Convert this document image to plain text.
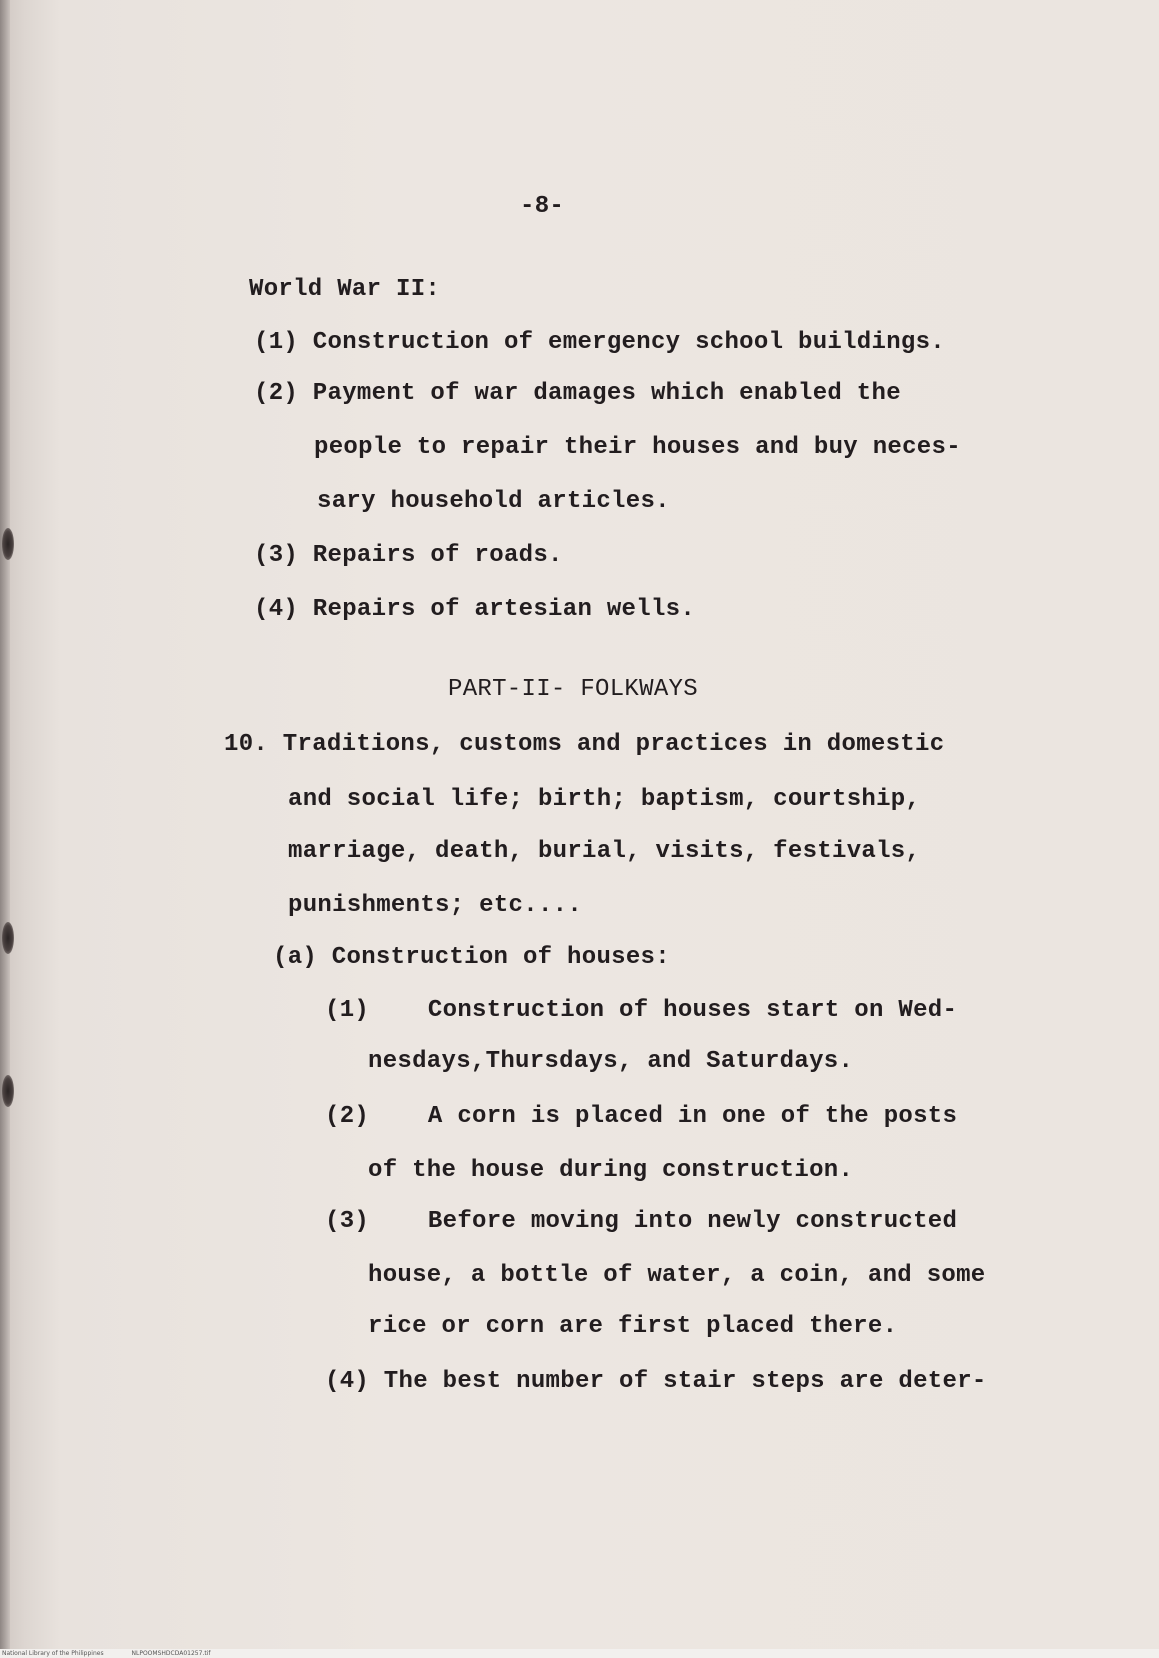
-8-
World War II:
(1) Construction of emergency school buildings.
(2) Payment of war damages which enabled the
people to repair their houses and buy neces-
sary household articles.
(3) Repairs of roads.
(4) Repairs of artesian wells.
PART-II- FOLKWAYS
10. Traditions, customs and practices in domestic
and social life; birth; baptism, courtship,
marriage, death, burial, visits, festivals,
punishments; etc....
(a) Construction of houses:
(1)    Construction of houses start on Wed-
nesdays,Thursdays, and Saturdays.
(2)    A corn is placed in one of the posts
of the house during construction.
(3)    Before moving into newly constructed
house, a bottle of water, a coin, and some
rice or corn are first placed there.
(4) The best number of stair steps are deter-
National Library of the Philippines	NLPOOMSHDCDA01257.tif
